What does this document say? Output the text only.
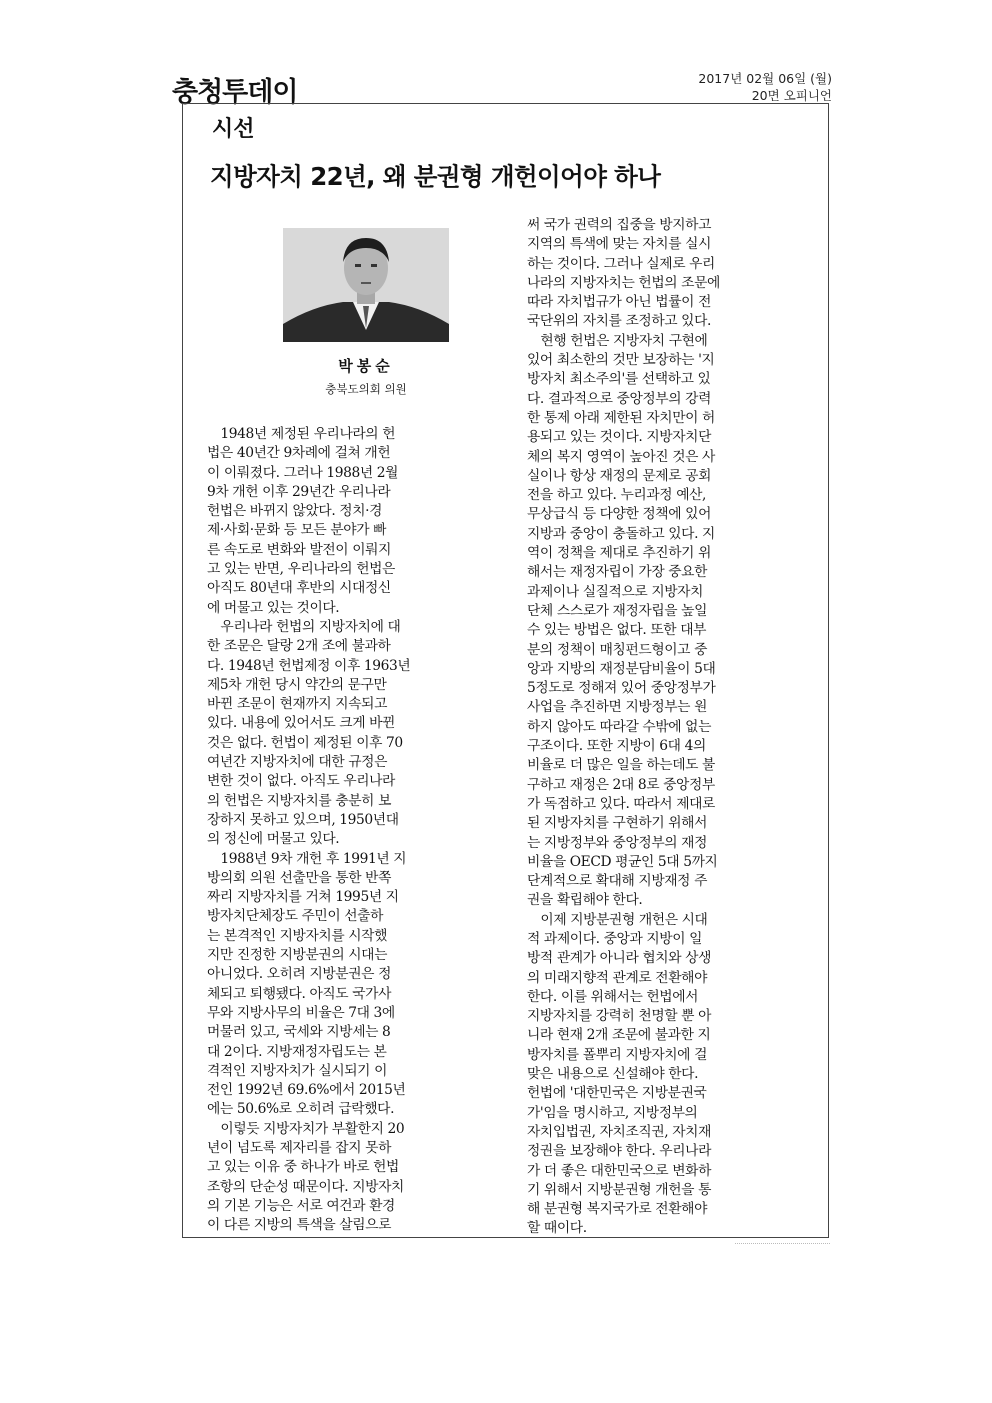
충청투데이	2017년 02월 06일 (월)
20면 오피니언
시선
지방자치 22년, 왜 분권형 개헌이어야 하나
박봉순
충북도의회 의원

　1948년 제정된 우리나라의 헌

법은 40년간 9차례에 걸쳐 개헌

이 이뤄졌다. 그러나 1988년 2월

9차 개헌 이후 29년간 우리나라

헌법은 바뀌지 않았다. 정치·경

제·사회·문화 등 모든 분야가 빠

른 속도로 변화와 발전이 이뤄지

고 있는 반면, 우리나라의 헌법은

아직도 80년대 후반의 시대정신

에 머물고 있는 것이다.

　우리나라 헌법의 지방자치에 대

한 조문은 달랑 2개 조에 불과하

다. 1948년 헌법제정 이후 1963년

제5차 개헌 당시 약간의 문구만

바뀐 조문이 현재까지 지속되고

있다. 내용에 있어서도 크게 바뀐

것은 없다. 헌법이 제정된 이후 70

여년간 지방자치에 대한 규정은

변한 것이 없다. 아직도 우리나라

의 헌법은 지방자치를 충분히 보

장하지 못하고 있으며, 1950년대

의 정신에 머물고 있다.

　1988년 9차 개헌 후 1991년 지

방의회 의원 선출만을 통한 반쪽

짜리 지방자치를 거쳐 1995년 지

방자치단체장도 주민이 선출하

는 본격적인 지방자치를 시작했

지만 진정한 지방분권의 시대는

아니었다. 오히려 지방분권은 정

체되고 퇴행됐다. 아직도 국가사

무와 지방사무의 비율은 7대 3에

머물러 있고, 국세와 지방세는 8

대 2이다. 지방재정자립도는 본

격적인 지방자치가 실시되기 이

전인 1992년 69.6%에서 2015년

에는 50.6%로 오히려 급락했다.

　이렇듯 지방자치가 부활한지 20

년이 넘도록 제자리를 잡지 못하

고 있는 이유 중 하나가 바로 헌법

조항의 단순성 때문이다. 지방자치

의 기본 기능은 서로 여건과 환경

이 다른 지방의 특색을 살림으로

써 국가 권력의 집중을 방지하고

지역의 특색에 맞는 자치를 실시

하는 것이다. 그러나 실제로 우리

나라의 지방자치는 헌법의 조문에

따라 자치법규가 아닌 법률이 전

국단위의 자치를 조정하고 있다.

　현행 헌법은 지방자치 구현에

있어 최소한의 것만 보장하는 '지

방자치 최소주의'를 선택하고 있

다. 결과적으로 중앙정부의 강력

한 통제 아래 제한된 자치만이 허

용되고 있는 것이다. 지방자치단

체의 복지 영역이 높아진 것은 사

실이나 항상 재정의 문제로 공회

전을 하고 있다. 누리과정 예산,

무상급식 등 다양한 정책에 있어

지방과 중앙이 충돌하고 있다. 지

역이 정책을 제대로 추진하기 위

해서는 재정자립이 가장 중요한

과제이나 실질적으로 지방자치

단체 스스로가 재정자립을 높일

수 있는 방법은 없다. 또한 대부

분의 정책이 매칭펀드형이고 중

앙과 지방의 재정분담비율이 5대

5정도로 정해져 있어 중앙정부가

사업을 추진하면 지방정부는 원

하지 않아도 따라갈 수밖에 없는

구조이다. 또한 지방이 6대 4의

비율로 더 많은 일을 하는데도 불

구하고 재정은 2대 8로 중앙정부

가 독점하고 있다. 따라서 제대로

된 지방자치를 구현하기 위해서

는 지방정부와 중앙정부의 재정

비율을 OECD 평균인 5대 5까지

단계적으로 확대해 지방재정 주

권을 확립해야 한다.

　이제 지방분권형 개헌은 시대

적 과제이다. 중앙과 지방이 일

방적 관계가 아니라 협치와 상생

의 미래지향적 관계로 전환해야

한다. 이를 위해서는 헌법에서

지방자치를 강력히 천명할 뿐 아

니라 현재 2개 조문에 불과한 지

방자치를 폴뿌리 지방자치에 걸

맞은 내용으로 신설해야 한다.

헌법에 '대한민국은 지방분권국

가'임을 명시하고, 지방정부의

자치입법권, 자치조직권, 자치재

정권을 보장해야 한다. 우리나라

가 더 좋은 대한민국으로 변화하

기 위해서 지방분권형 개헌을 통

해 분권형 복지국가로 전환해야

할 때이다.
